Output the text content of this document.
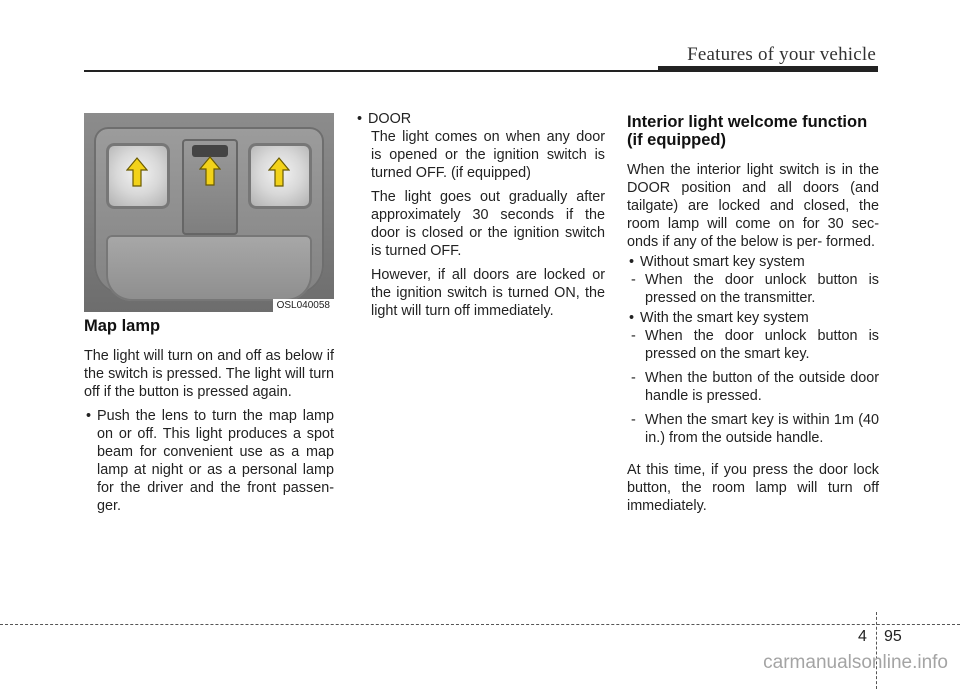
Features of your vehicle
OSL040058
Map lamp

The light will turn on and off as below if the switch is pressed. The light will turn off if the button is pressed again.

• Push the lens to turn the map lamp on or off. This light produces a spot beam for convenient use as a map lamp at night or as a personal lamp for the driver and the front passen- ger.
• DOOR

The light comes on when any door is opened or the ignition switch is turned OFF. (if equipped)

The light goes out gradually after approximately 30 seconds if the door is closed or the ignition switch is turned OFF.

However, if all doors are locked or the ignition switch is turned ON, the light will turn off immediately.

Interior light welcome function (if equipped)

When the interior light switch is in the DOOR position and all doors (and tailgate) are locked and closed, the room lamp will come on for 30 sec- onds if any of the below is per- formed.

• Without smart key system
- When the door unlock button is pressed on the transmitter.
• With the smart key system
- When the door unlock button is pressed on the smart key.
- When the button of the outside door handle is pressed.
- When the smart key is within 1m (40 in.) from the outside handle.

At this time, if you press the door lock button, the room lamp will turn off immediately.

4 95
carmanualsonline.info
